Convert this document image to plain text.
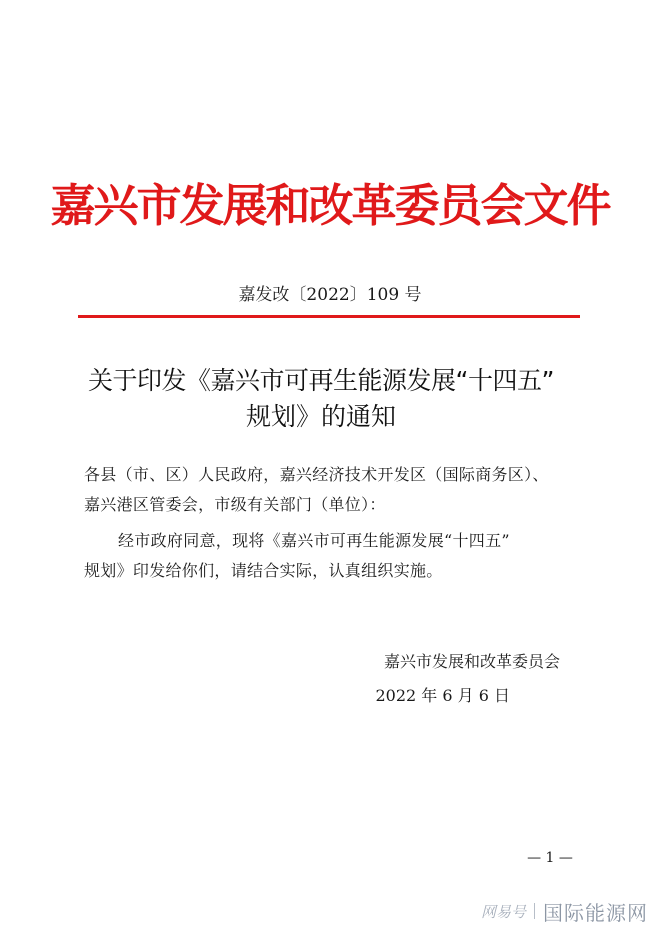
嘉兴市发展和改革委员会文件
嘉发改〔2022〕109 号
关于印发《嘉兴市可再生能源发展“十四五”
规划》的通知
各县（市、区）人民政府，嘉兴经济技术开发区（国际商务区）、
嘉兴港区管委会，市级有关部门（单位）：
经市政府同意，现将《嘉兴市可再生能源发展“十四五”
规划》印发给你们，请结合实际，认真组织实施。
嘉兴市发展和改革委员会
2022 年 6 月 6 日
— 1 —
网易号 国际能源网
